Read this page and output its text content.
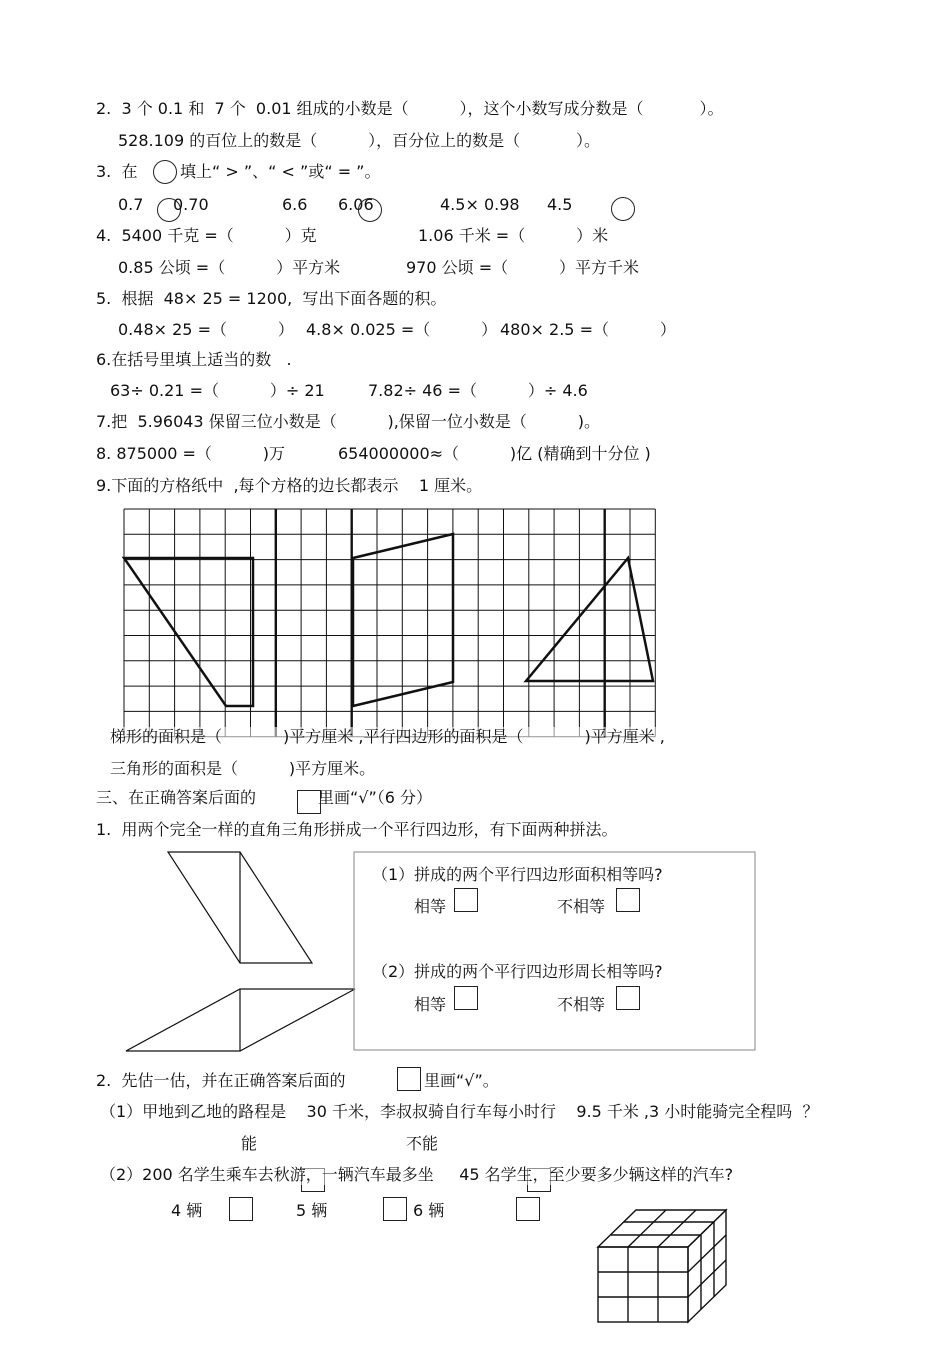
2.  3 个 0.1 和  7 个  0.01 组成的小数是（          ），这个小数写成分数是（           ）。
528.109 的百位上的数是（          ），百分位上的数是（           ）。
3.  在	填上“ > ”、“ < ”或“ = ”。
0.7 0.70	6.6 6.06	4.5× 0.98 4.5
4.  5400 千克 =（          ）克	1.06 千米 =（          ）米
0.85 公顷 =（          ）平方米	970 公顷 =（          ）平方千米
5.  根据  48× 25 = 1200,  写出下面各题的积。
0.48× 25 =（          ） 4.8× 0.025 =（          ） 480× 2.5 =（          ）
6.在括号里填上适当的数   .
63÷ 0.21 =（          ）÷ 21	7.82÷ 46 =（          ）÷ 4.6
7.把  5.96043 保留三位小数是（          ),保留一位小数是（          )。
8. 875000 =（          )万	654000000≈（          )亿 (精确到十分位 )
9.下面的方格纸中  ,每个方格的边长都表示    1 厘米。
梯形的面积是（            )平方厘米 ,平行四边形的面积是（            )平方厘米 ,
三角形的面积是（          )平方厘米。
三、在正确答案后面的	里画“√”（6 分）
1.  用两个完全一样的直角三角形拼成一个平行四边形，有下面两种拼法。
（1）拼成的两个平行四边形面积相等吗?
相等	不相等
（2）拼成的两个平行四边形周长相等吗?
相等	不相等
2.  先估一估，并在正确答案后面的	里画“√”。
（1）甲地到乙地的路程是    30 千米，李叔叔骑自行车每小时行    9.5 千米 ,3 小时能骑完全程吗  ？
能	不能
（2）200 名学生乘车去秋游，一辆汽车最多坐     45 名学生，至少要多少辆这样的汽车?
4 辆	5 辆	6 辆
